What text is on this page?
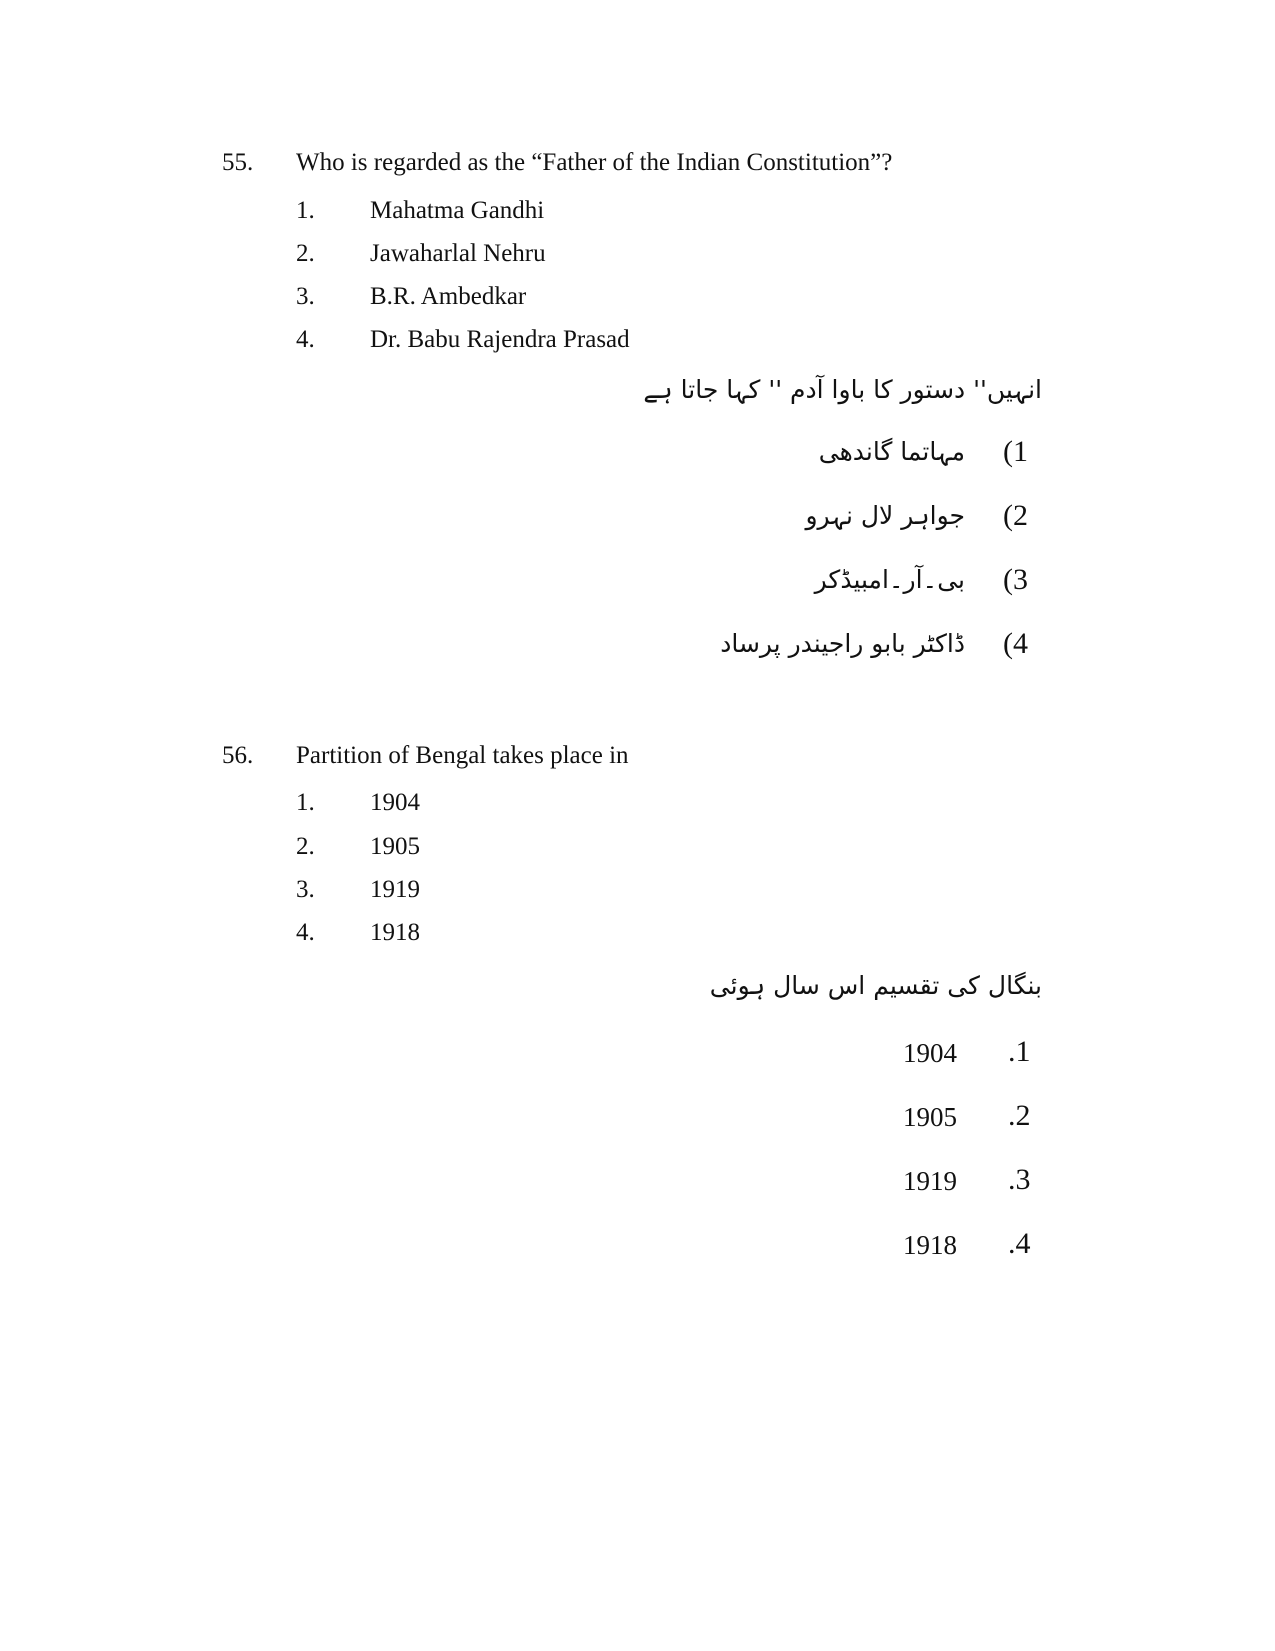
55. Who is regarded as the “Father of the Indian Constitution”?
1. Mahatma Gandhi
2. Jawaharlal Nehru
3. B.R. Ambedkar
4. Dr. Babu Rajendra Prasad
انہیں'' دستور کا باوا آدم '' کہا جاتا ہے
(1
مہاتما گاندھی
(2
جواہر لال نہرو
(3
بی۔آر۔امبیڈکر
(4
ڈاکٹر بابو راجیندر پرساد
56. Partition of Bengal takes place in
1. 1904
2. 1905
3. 1919
4. 1918
بنگال کی تقسیم اس سال ہوئی
.1
1904
.2
1905
.3
1919
.4
1918
